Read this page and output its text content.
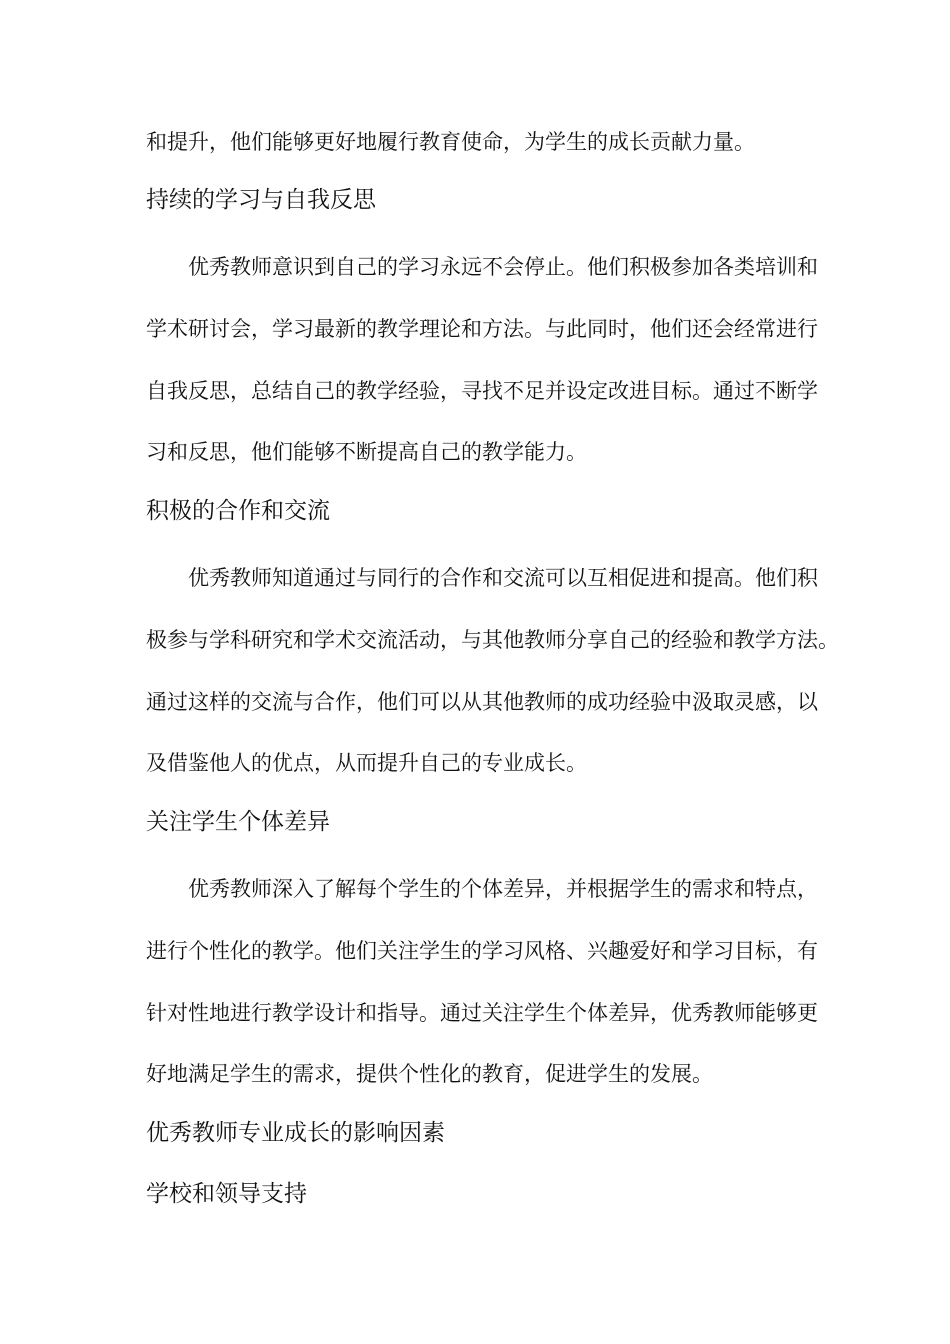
和提升，他们能够更好地履行教育使命，为学生的成长贡献力量。
持续的学习与自我反思
优秀教师意识到自己的学习永远不会停止。他们积极参加各类培训和
学术研讨会，学习最新的教学理论和方法。与此同时，他们还会经常进行
自我反思，总结自己的教学经验，寻找不足并设定改进目标。通过不断学
习和反思，他们能够不断提高自己的教学能力。
积极的合作和交流
优秀教师知道通过与同行的合作和交流可以互相促进和提高。他们积
极参与学科研究和学术交流活动，与其他教师分享自己的经验和教学方法。
通过这样的交流与合作，他们可以从其他教师的成功经验中汲取灵感，以
及借鉴他人的优点，从而提升自己的专业成长。
关注学生个体差异
优秀教师深入了解每个学生的个体差异，并根据学生的需求和特点，
进行个性化的教学。他们关注学生的学习风格、兴趣爱好和学习目标，有
针对性地进行教学设计和指导。通过关注学生个体差异，优秀教师能够更
好地满足学生的需求，提供个性化的教育，促进学生的发展。
优秀教师专业成长的影响因素
学校和领导支持
